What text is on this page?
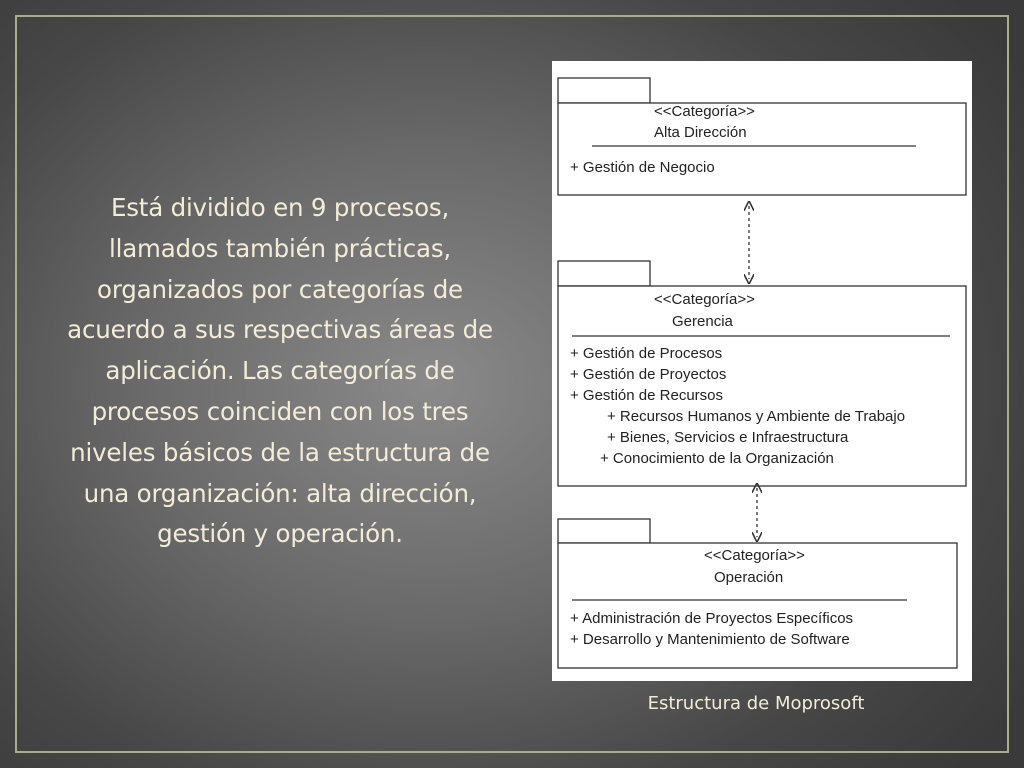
Está dividido en 9 procesos, llamados también prácticas, organizados por categorías de acuerdo a sus respectivas áreas de aplicación. Las categorías de procesos coinciden con los tres niveles básicos de la estructura de una organización: alta dirección, gestión y operación.

<<Categoría>>
Alta Dirección
+ Gestión de Negocio
<<Categoría>>
Gerencia
+ Gestión de Procesos
+ Gestión de Proyectos
+ Gestión de Recursos
+ Recursos Humanos y Ambiente de Trabajo
+ Bienes, Servicios e Infraestructura
+ Conocimiento de la Organización
<<Categoría>>
Operación
+ Administración de Proyectos Específicos
+ Desarrollo y Mantenimiento de Software
Estructura de Moprosoft
